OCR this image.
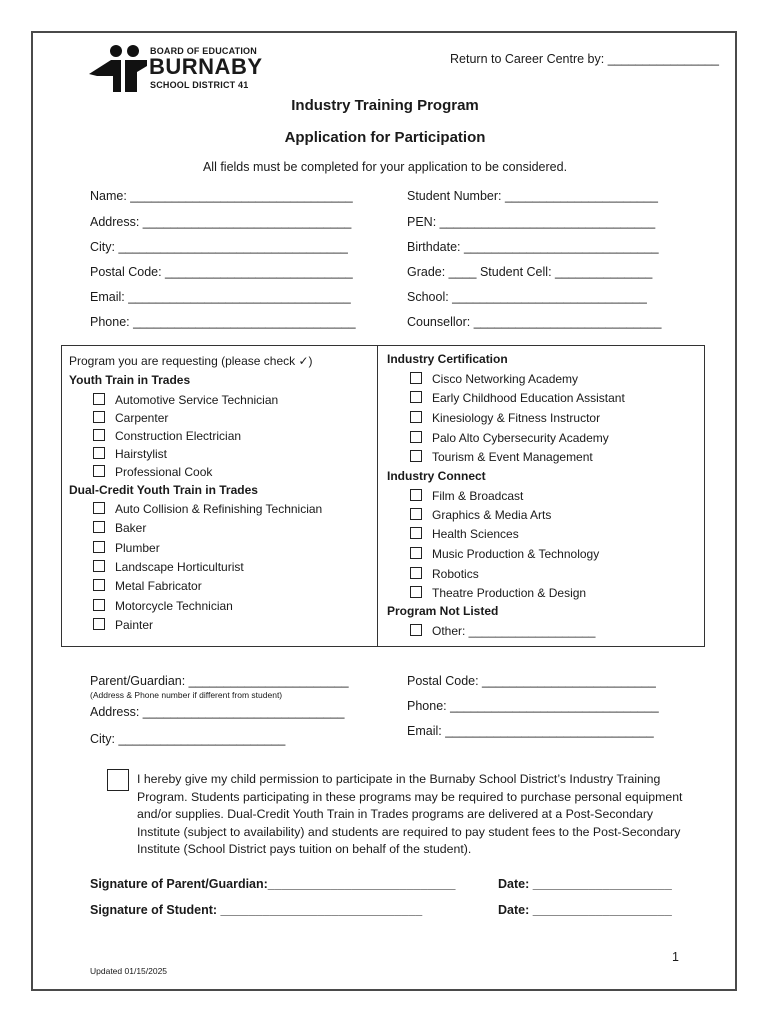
BOARD OF EDUCATION
BURNABY
SCHOOL DISTRICT 41
Return to Career Centre by: ________________
Industry Training Program
Application for Participation
All fields must be completed for your application to be considered.
Name: ________________________________
Address: ______________________________
City: _________________________________
Postal Code: ___________________________
Email: ________________________________
Phone: ________________________________
Student Number: ______________________
PEN: _______________________________
Birthdate: ____________________________
Grade: ____ Student Cell: ______________
School: ____________________________
Counsellor: ___________________________
Program you are requesting (please check ✓)
Youth Train in Trades
Automotive Service Technician
Carpenter
Construction Electrician
Hairstylist
Professional Cook
Dual-Credit Youth Train in Trades
Auto Collision & Refinishing Technician
Baker
Plumber
Landscape Horticulturist
Metal Fabricator
Motorcycle Technician
Painter
Industry Certification
Cisco Networking Academy
Early Childhood Education Assistant
Kinesiology & Fitness Instructor
Palo Alto Cybersecurity Academy
Tourism & Event Management
Industry Connect
Film & Broadcast
Graphics & Media Arts
Health Sciences
Music Production & Technology
Robotics
Theatre Production & Design
Program Not Listed
Other: ___________________
Parent/Guardian: _______________________
(Address & Phone number if different from student)
Address: _____________________________
City: ________________________
Postal Code: _________________________
Phone: ______________________________
Email: ______________________________
I hereby give my child permission to participate in the Burnaby School District’s Industry Training Program. Students participating in these programs may be required to purchase personal equipment and/or supplies. Dual-Credit Youth Train in Trades programs are delivered at a Post-Secondary Institute (subject to availability) and students are required to pay student fees to the Post-Secondary Institute (School District pays tuition on behalf of the student).
Signature of Parent/Guardian:___________________________	Date: ____________________
Signature of Student: _____________________________	Date: ____________________
1
Updated 01/15/2025
